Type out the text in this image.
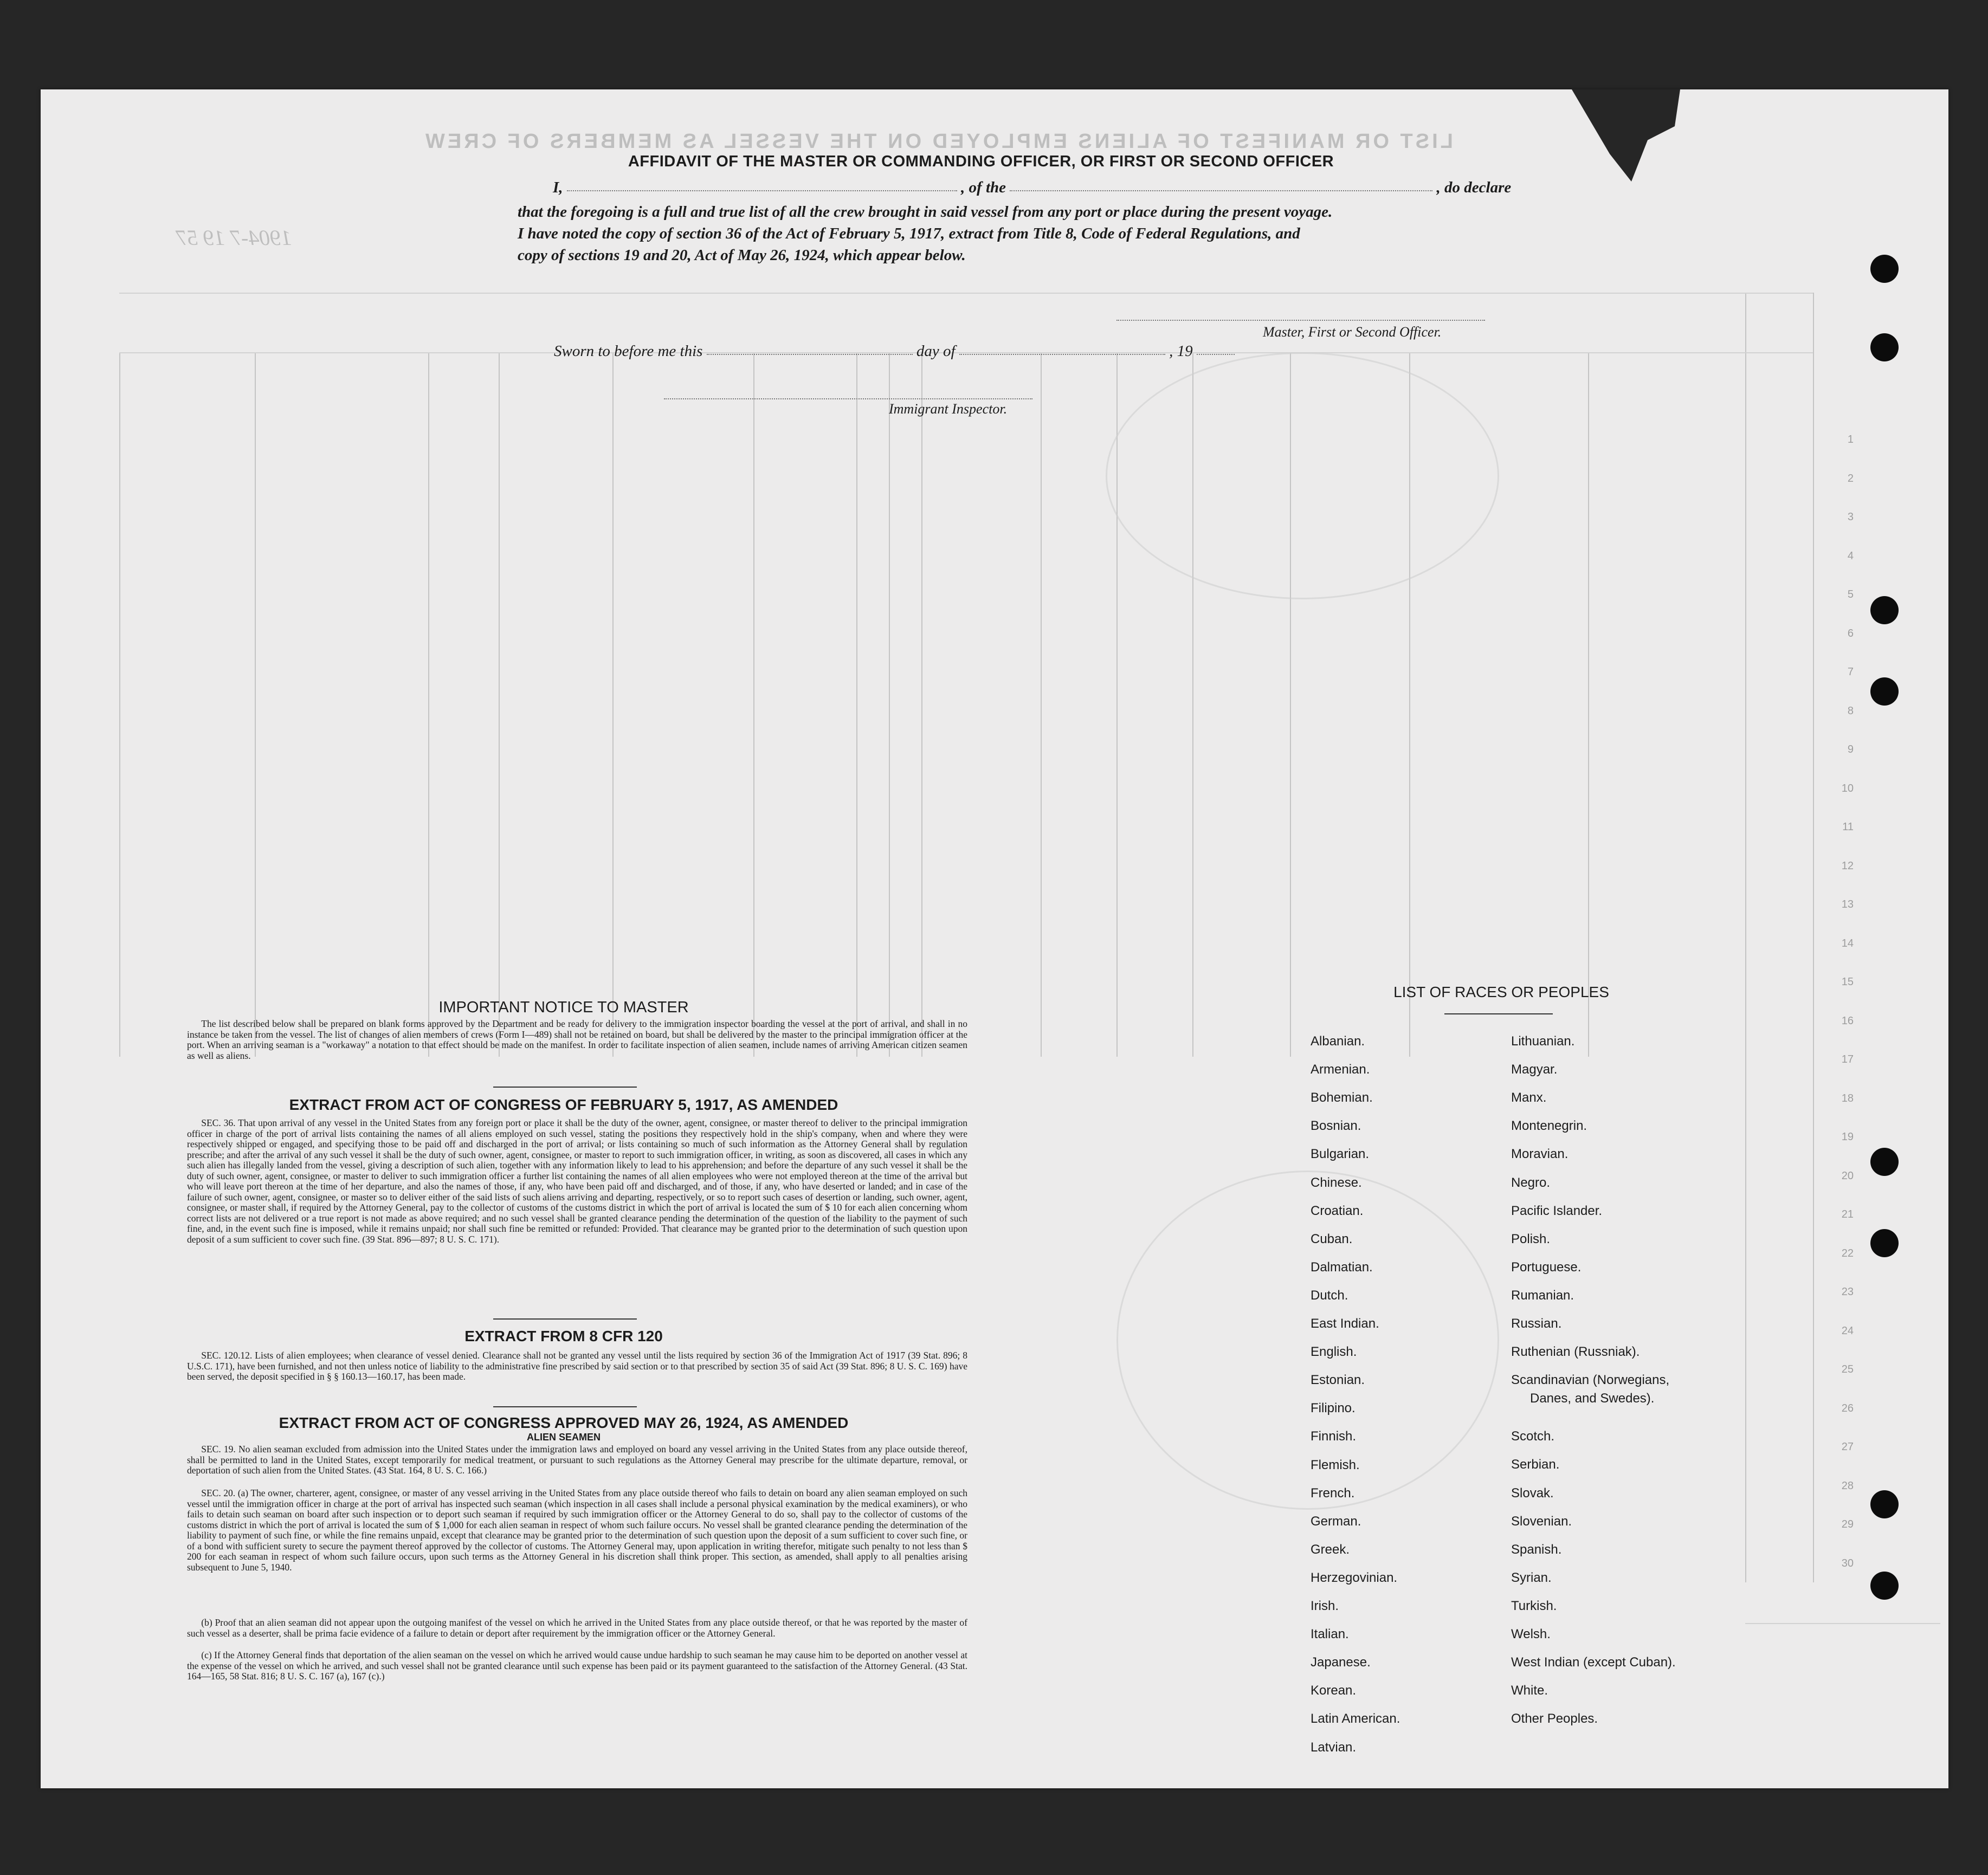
LIST OR MANIFEST OF ALIENS EMPLOYED ON THE VESSEL AS MEMBERS OF CREW
1904-7 19 57
1
2
3
4
5
6
7
8
9
10
11
12
13
14
15
16
17
18
19
20
21
22
23
24
25
26
27
28
29
30
AFFIDAVIT OF THE MASTER OR COMMANDING OFFICER, OR FIRST OR SECOND OFFICER
I,	, of the	, do declare
that the foregoing is a full and true list of all the crew brought in said vessel from any port or place during the present voyage.
I have noted the copy of section 36 of the Act of February 5, 1917, extract from Title 8, Code of Federal Regulations, and
copy of sections 19 and 20, Act of May 26, 1924, which appear below.
Master, First or Second Officer.
Sworn to before me this	day of	, 19
Immigrant Inspector.
IMPORTANT NOTICE TO MASTER

The list described below shall be prepared on blank forms approved by the Department and be ready for delivery to the immigration inspector boarding the vessel at the port of arrival, and shall in no instance be taken from the vessel. The list of changes of alien members of crews (Form I—489) shall not be retained on board, but shall be delivered by the master to the principal immigration officer at the port. When an arriving seaman is a "workaway" a notation to that effect should be made on the manifest. In order to facilitate inspection of alien seamen, include names of arriving American citizen seamen as well as aliens.

EXTRACT FROM ACT OF CONGRESS OF FEBRUARY 5, 1917, AS AMENDED

SEC. 36. That upon arrival of any vessel in the United States from any foreign port or place it shall be the duty of the owner, agent, consignee, or master thereof to deliver to the principal immigration officer in charge of the port of arrival lists containing the names of all aliens employed on such vessel, stating the positions they respectively hold in the ship's company, when and where they were respectively shipped or engaged, and specifying those to be paid off and discharged in the port of arrival; or lists containing so much of such information as the Attorney General shall by regulation prescribe; and after the arrival of any such vessel it shall be the duty of such owner, agent, consignee, or master to report to such immigration officer, in writing, as soon as discovered, all cases in which any such alien has illegally landed from the vessel, giving a description of such alien, together with any information likely to lead to his apprehension; and before the departure of any such vessel it shall be the duty of such owner, agent, consignee, or master to deliver to such immigration officer a further list containing the names of all alien employees who were not employed thereon at the time of the arrival but who will leave port thereon at the time of her departure, and also the names of those, if any, who have been paid off and discharged, and of those, if any, who have deserted or landed; and in case of the failure of such owner, agent, consignee, or master so to deliver either of the said lists of such aliens arriving and departing, respectively, or so to report such cases of desertion or landing, such owner, agent, consignee, or master shall, if required by the Attorney General, pay to the collector of customs of the customs district in which the port of arrival is located the sum of $ 10 for each alien concerning whom correct lists are not delivered or a true report is not made as above required; and no such vessel shall be granted clearance pending the determination of the question of the liability to the payment of such fine, and, in the event such fine is imposed, while it remains unpaid; nor shall such fine be remitted or refunded: Provided. That clearance may be granted prior to the determination of such question upon deposit of a sum sufficient to cover such fine. (39 Stat. 896—897; 8 U. S. C. 171).

EXTRACT FROM 8 CFR 120

SEC. 120.12. Lists of alien employees; when clearance of vessel denied. Clearance shall not be granted any vessel until the lists required by section 36 of the Immigration Act of 1917 (39 Stat. 896; 8 U.S.C. 171), have been furnished, and not then unless notice of liability to the administrative fine prescribed by said section or to that prescribed by section 35 of said Act (39 Stat. 896; 8 U. S. C. 169) have been served, the deposit specified in § § 160.13—160.17, has been made.

EXTRACT FROM ACT OF CONGRESS APPROVED MAY 26, 1924, AS AMENDED
ALIEN SEAMEN

SEC. 19. No alien seaman excluded from admission into the United States under the immigration laws and employed on board any vessel arriving in the United States from any place outside thereof, shall be permitted to land in the United States, except temporarily for medical treatment, or pursuant to such regulations as the Attorney General may prescribe for the ultimate departure, removal, or deportation of such alien from the United States. (43 Stat. 164, 8 U. S. C. 166.)

SEC. 20. (a) The owner, charterer, agent, consignee, or master of any vessel arriving in the United States from any place outside thereof who fails to detain on board any alien seaman employed on such vessel until the immigration officer in charge at the port of arrival has inspected such seaman (which inspection in all cases shall include a personal physical examination by the medical examiners), or who fails to detain such seaman on board after such inspection or to deport such seaman if required by such immigration officer or the Attorney General to do so, shall pay to the collector of customs of the customs district in which the port of arrival is located the sum of $ 1,000 for each alien seaman in respect of whom such failure occurs. No vessel shall be granted clearance pending the determination of the liability to payment of such fine, or while the fine remains unpaid, except that clearance may be granted prior to the determination of such question upon the deposit of a sum sufficient to cover such fine, or of a bond with sufficient surety to secure the payment thereof approved by the collector of customs. The Attorney General may, upon application in writing therefor, mitigate such penalty to not less than $ 200 for each seaman in respect of whom such failure occurs, upon such terms as the Attorney General in his discretion shall think proper. This section, as amended, shall apply to all penalties arising subsequent to June 5, 1940.

(b) Proof that an alien seaman did not appear upon the outgoing manifest of the vessel on which he arrived in the United States from any place outside thereof, or that he was reported by the master of such vessel as a deserter, shall be prima facie evidence of a failure to detain or deport after requirement by the immigration officer or the Attorney General.

(c) If the Attorney General finds that deportation of the alien seaman on the vessel on which he arrived would cause undue hardship to such seaman he may cause him to be deported on another vessel at the expense of the vessel on which he arrived, and such vessel shall not be granted clearance until such expense has been paid or its payment guaranteed to the satisfaction of the Attorney General. (43 Stat. 164—165, 58 Stat. 816; 8 U. S. C. 167 (a), 167 (c).)

LIST OF RACES OR PEOPLES
Albanian.
Armenian.
Bohemian.
Bosnian.
Bulgarian.
Chinese.
Croatian.
Cuban.
Dalmatian.
Dutch.
East Indian.
English.
Estonian.
Filipino.
Finnish.
Flemish.
French.
German.
Greek.
Herzegovinian.
Irish.
Italian.
Japanese.
Korean.
Latin American.
Latvian.
Lithuanian.
Magyar.
Manx.
Montenegrin.
Moravian.
Negro.
Pacific Islander.
Polish.
Portuguese.
Rumanian.
Russian.
Ruthenian (Russniak).
Scandinavian (Norwegians,
Danes, and Swedes).
Scotch.
Serbian.
Slovak.
Slovenian.
Spanish.
Syrian.
Turkish.
Welsh.
West Indian (except Cuban).
White.
Other Peoples.
